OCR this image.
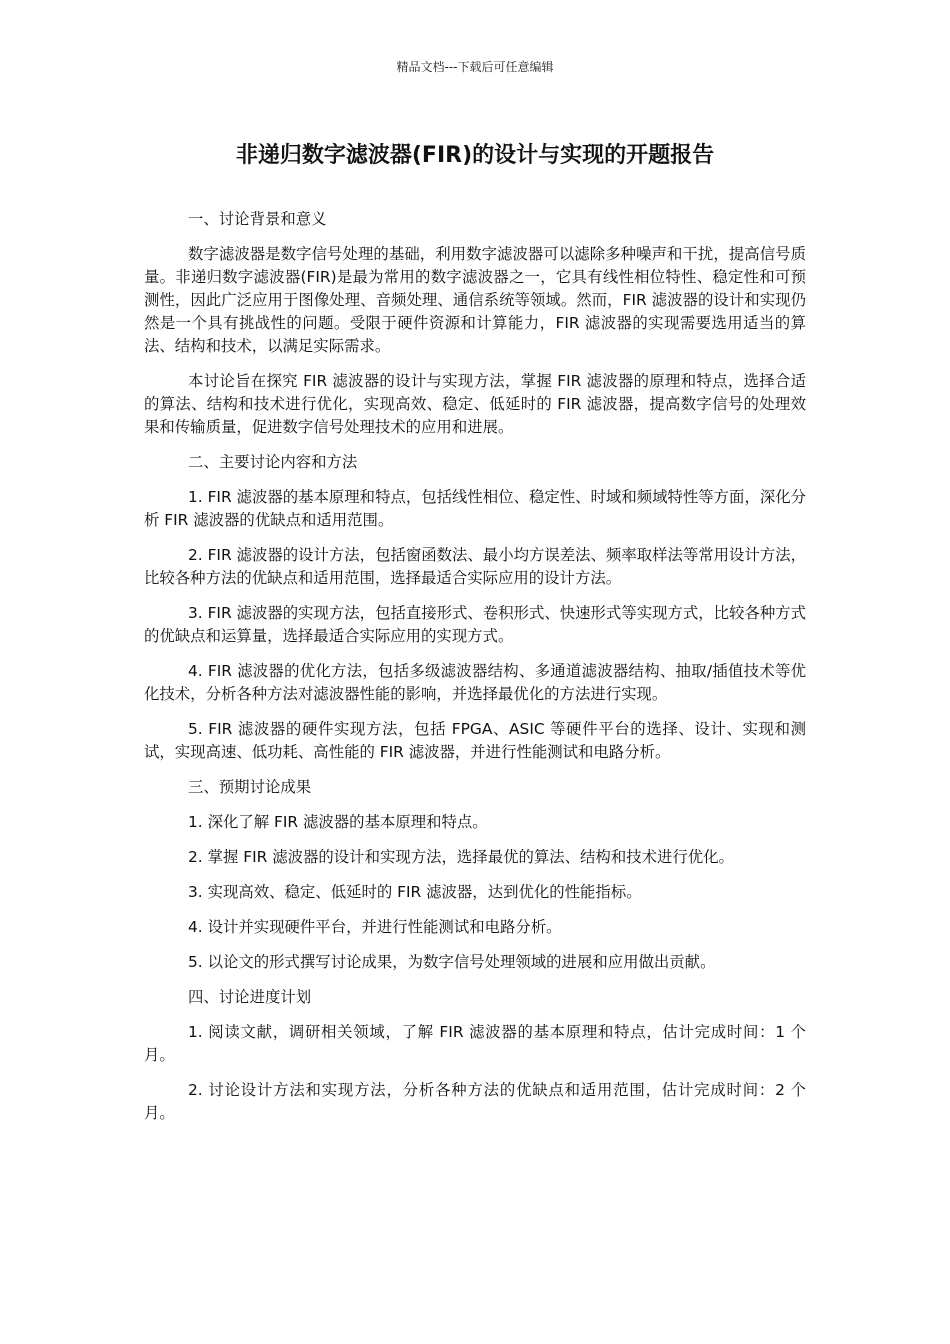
精品文档---下载后可任意编辑
非递归数字滤波器(FIR)的设计与实现的开题报告

一、讨论背景和意义

数字滤波器是数字信号处理的基础，利用数字滤波器可以滤除多种噪声和干扰，提高信号质量。非递归数字滤波器(FIR)是最为常用的数字滤波器之一，它具有线性相位特性、稳定性和可预测性，因此广泛应用于图像处理、音频处理、通信系统等领域。然而，FIR 滤波器的设计和实现仍然是一个具有挑战性的问题。受限于硬件资源和计算能力，FIR 滤波器的实现需要选用适当的算法、结构和技术，以满足实际需求。

本讨论旨在探究 FIR 滤波器的设计与实现方法，掌握 FIR 滤波器的原理和特点，选择合适的算法、结构和技术进行优化，实现高效、稳定、低延时的 FIR 滤波器，提高数字信号的处理效果和传输质量，促进数字信号处理技术的应用和进展。

二、主要讨论内容和方法

1. FIR 滤波器的基本原理和特点，包括线性相位、稳定性、时域和频域特性等方面，深化分析 FIR 滤波器的优缺点和适用范围。

2. FIR 滤波器的设计方法，包括窗函数法、最小均方误差法、频率取样法等常用设计方法，比较各种方法的优缺点和适用范围，选择最适合实际应用的设计方法。

3. FIR 滤波器的实现方法，包括直接形式、卷积形式、快速形式等实现方式，比较各种方式的优缺点和运算量，选择最适合实际应用的实现方式。

4. FIR 滤波器的优化方法，包括多级滤波器结构、多通道滤波器结构、抽取/插值技术等优化技术，分析各种方法对滤波器性能的影响，并选择最优化的方法进行实现。

5. FIR 滤波器的硬件实现方法，包括 FPGA、ASIC 等硬件平台的选择、设计、实现和测试，实现高速、低功耗、高性能的 FIR 滤波器，并进行性能测试和电路分析。

三、预期讨论成果

1. 深化了解 FIR 滤波器的基本原理和特点。

2. 掌握 FIR 滤波器的设计和实现方法，选择最优的算法、结构和技术进行优化。

3. 实现高效、稳定、低延时的 FIR 滤波器，达到优化的性能指标。

4. 设计并实现硬件平台，并进行性能测试和电路分析。

5. 以论文的形式撰写讨论成果，为数字信号处理领域的进展和应用做出贡献。

四、讨论进度计划

1. 阅读文献，调研相关领域，了解 FIR 滤波器的基本原理和特点，估计完成时间：1 个月。

2. 讨论设计方法和实现方法，分析各种方法的优缺点和适用范围，估计完成时间：2 个月。
